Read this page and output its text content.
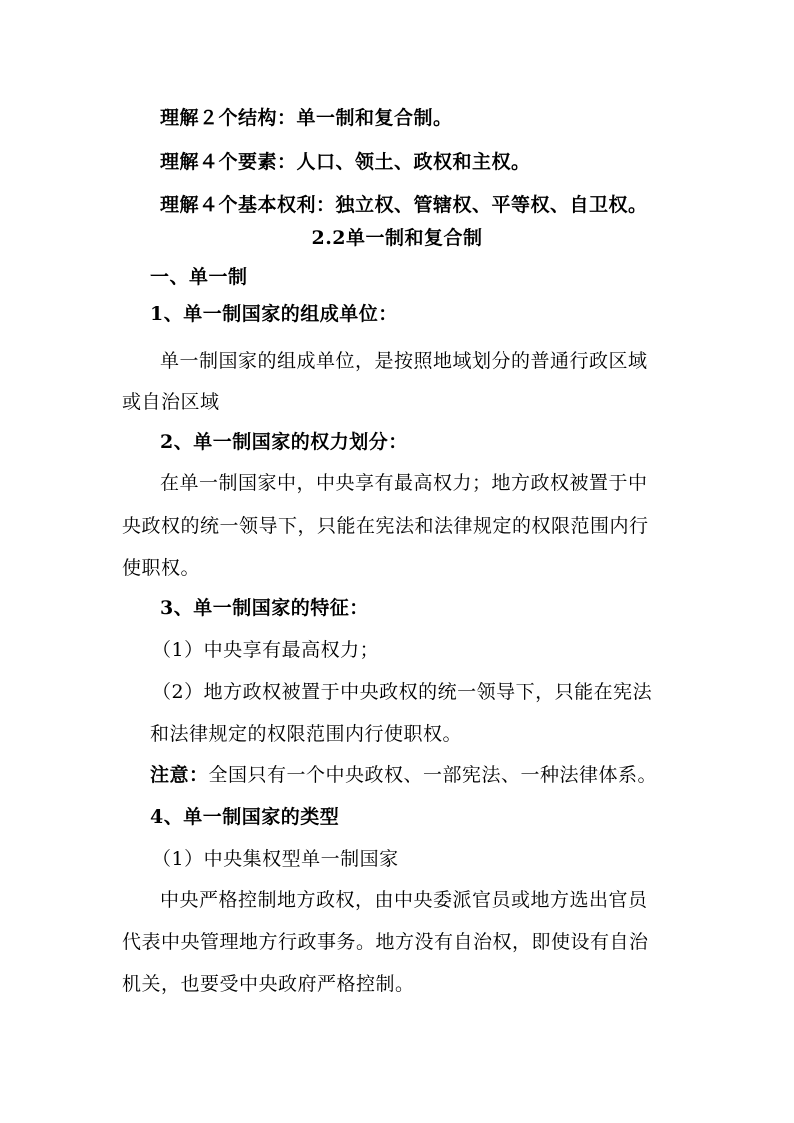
理解２个结构：单一制和复合制。
理解４个要素：人口、领土、政权和主权。
理解４个基本权利：独立权、管辖权、平等权、自卫权。
2.2单一制和复合制
一、单一制
1、单一制国家的组成单位：
单一制国家的组成单位，是按照地域划分的普通行政区域
或自治区域
2、单一制国家的权力划分：
在单一制国家中，中央享有最高权力；地方政权被置于中
央政权的统一领导下，只能在宪法和法律规定的权限范围内行
使职权。
3、单一制国家的特征：
（1）中央享有最高权力；
（2）地方政权被置于中央政权的统一领导下，只能在宪法
和法律规定的权限范围内行使职权。
注意：全国只有一个中央政权、一部宪法、一种法律体系。
4、单一制国家的类型
（1）中央集权型单一制国家
中央严格控制地方政权，由中央委派官员或地方选出官员
代表中央管理地方行政事务。地方没有自治权，即使设有自治
机关，也要受中央政府严格控制。
